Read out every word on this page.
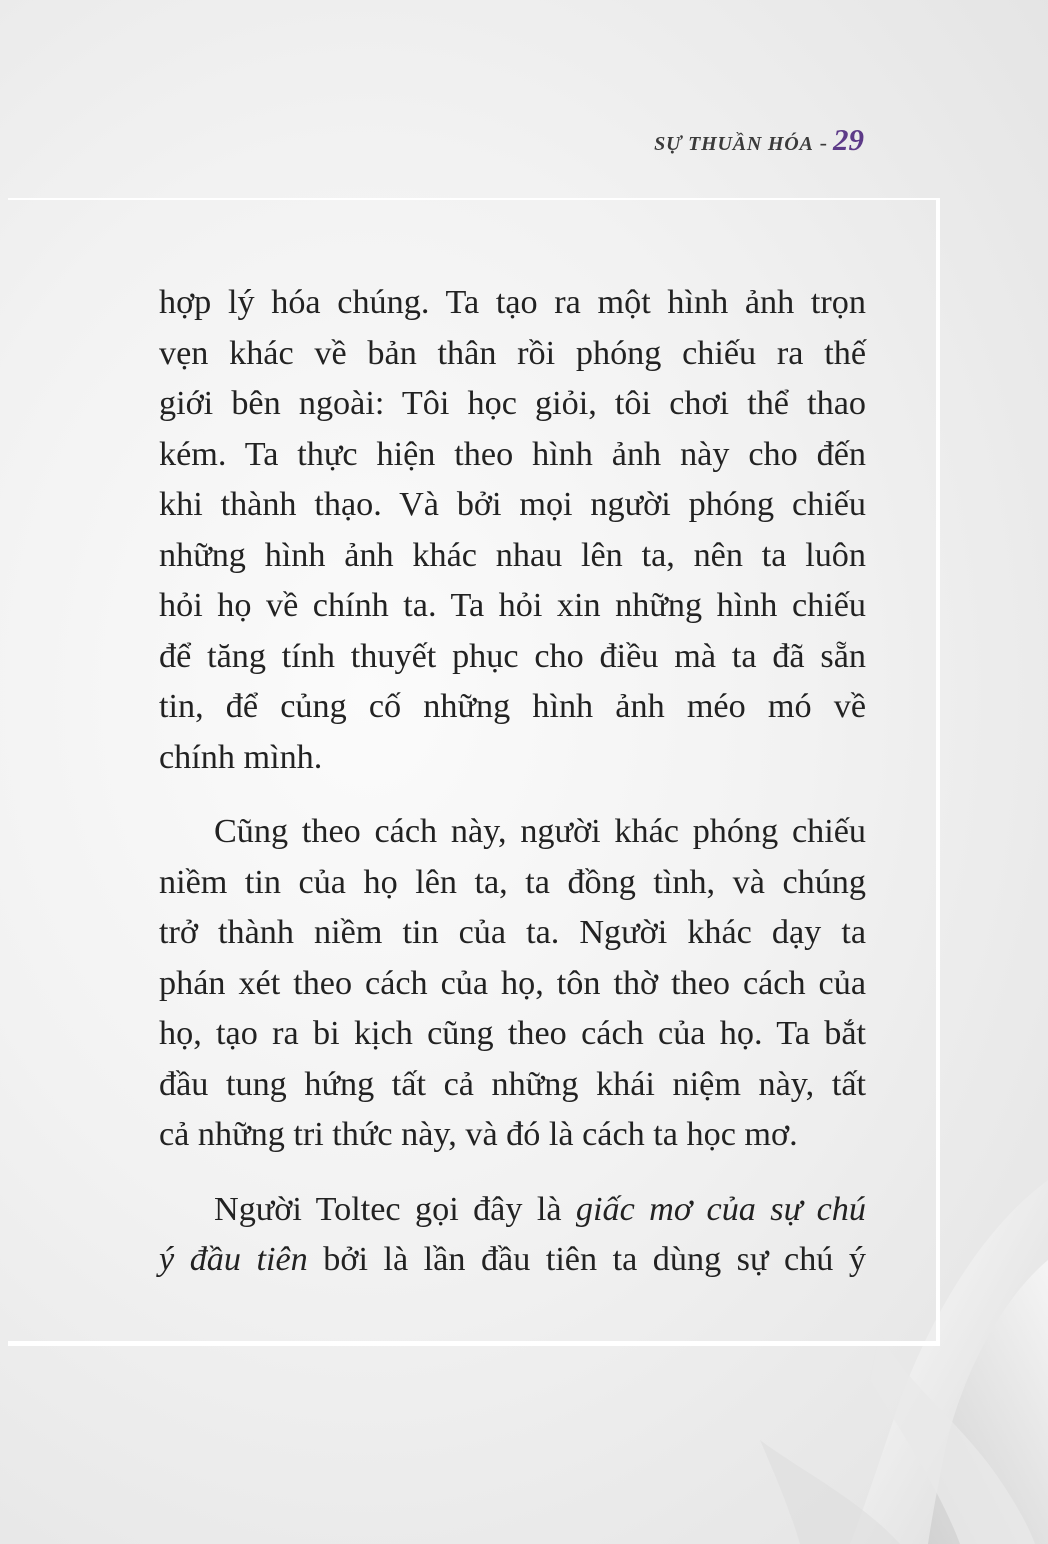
SỰ THUẦN HÓA - 29
hợp lý hóa chúng. Ta tạo ra một hình ảnh trọn
vẹn khác về bản thân rồi phóng chiếu ra thế
giới bên ngoài: Tôi học giỏi, tôi chơi thể thao
kém. Ta thực hiện theo hình ảnh này cho đến
khi thành thạo. Và bởi mọi người phóng chiếu
những hình ảnh khác nhau lên ta, nên ta luôn
hỏi họ về chính ta. Ta hỏi xin những hình chiếu
để tăng tính thuyết phục cho điều mà ta đã sẵn
tin, để củng cố những hình ảnh méo mó về
chính mình.
Cũng theo cách này, người khác phóng chiếu
niềm tin của họ lên ta, ta đồng tình, và chúng
trở thành niềm tin của ta. Người khác dạy ta
phán xét theo cách của họ, tôn thờ theo cách của
họ, tạo ra bi kịch cũng theo cách của họ. Ta bắt
đầu tung hứng tất cả những khái niệm này, tất
cả những tri thức này, và đó là cách ta học mơ.
Người Toltec gọi đây là giấc mơ của sự chú
ý đầu tiên bởi là lần đầu tiên ta dùng sự chú ý
